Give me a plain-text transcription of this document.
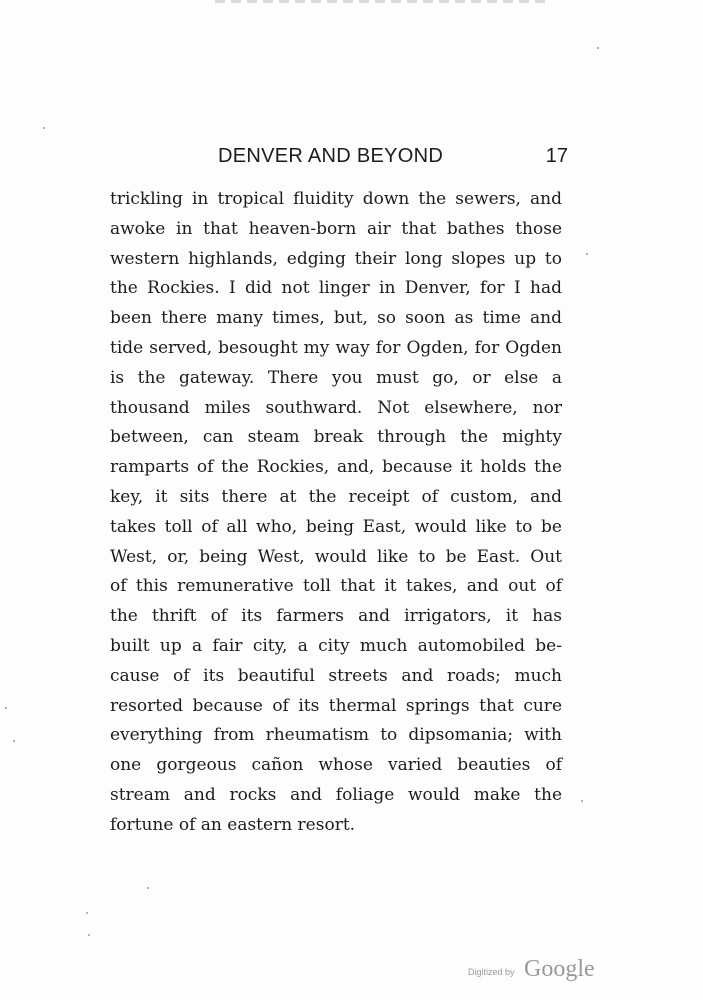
DENVER AND BEYOND	17

trickling in tropical fluidity down the sewers, and
awoke in that heaven-born air that bathes those
western highlands, edging their long slopes up to
the Rockies. I did not linger in Denver, for I had
been there many times, but, so soon as time and
tide served, besought my way for Ogden, for Ogden
is the gateway. There you must go, or else a
thousand miles southward. Not elsewhere, nor
between, can steam break through the mighty
ramparts of the Rockies, and, because it holds the
key, it sits there at the receipt of custom, and
takes toll of all who, being East, would like to be
West, or, being West, would like to be East. Out
of this remunerative toll that it takes, and out of
the thrift of its farmers and irrigators, it has
built up a fair city, a city much automobiled be-
cause of its beautiful streets and roads; much
resorted because of its thermal springs that cure
everything from rheumatism to dipsomania; with
one gorgeous cañon whose varied beauties of
stream and rocks and foliage would make the
fortune of an eastern resort.

Digitized by Google
